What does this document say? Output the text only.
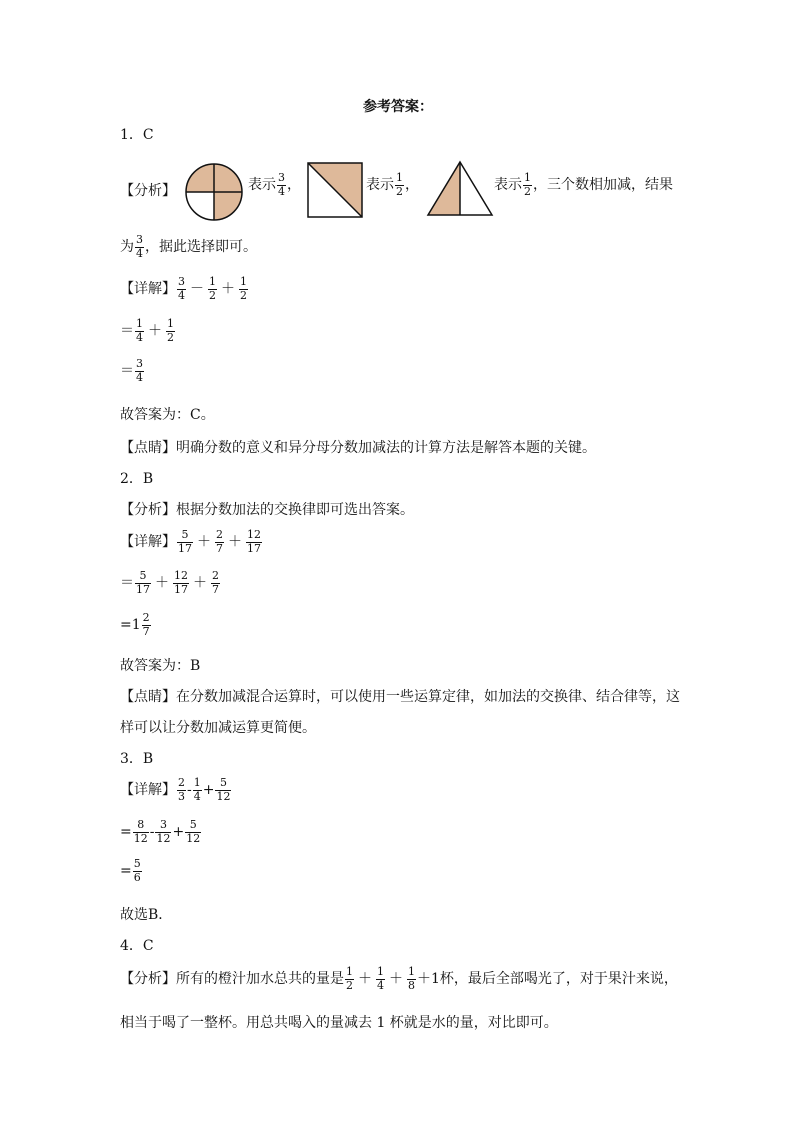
参考答案：
1．C
【分析】	表示 $\frac{3}{4}$ ，	表示 $\frac{1}{2}$ ，	表示 $\frac{1}{2}$ ，三个数相加减，结果
为 $\frac{3}{4}$ ，据此选择即可。
【详解】 $\frac{3}{4} - \frac{1}{2} + \frac{1}{2}$
＝ $\frac{1}{4} + \frac{1}{2}$
＝ $\frac{3}{4}$
故答案为：C。
【点睛】明确分数的意义和异分母分数加减法的计算方法是解答本题的关键。
2．B
【分析】根据分数加法的交换律即可选出答案。
【详解】 $\frac{5}{17} + \frac{2}{7} + \frac{12}{17}$
＝ $\frac{5}{17} + \frac{12}{17} + \frac{2}{7}$
$=1 \frac{2}{7}$
故答案为：B
【点睛】在分数加减混合运算时，可以使用一些运算定律，如加法的交换律、结合律等，这
样可以让分数加减运算更简便。
3．B
【详解】 $\frac{2}{3} - \frac{1}{4} + \frac{5}{12}$
= $\frac{8}{12} - \frac{3}{12} + \frac{5}{12}$
= $\frac{5}{6}$
故选B．
4．C
【分析】所有的橙汁加水总共的量是 $\frac{1}{2} + \frac{1}{4} + \frac{1}{8} +1$杯，最后全部喝光了，对于果汁来说，
相当于喝了一整杯。用总共喝入的量减去 1 杯就是水的量，对比即可。
